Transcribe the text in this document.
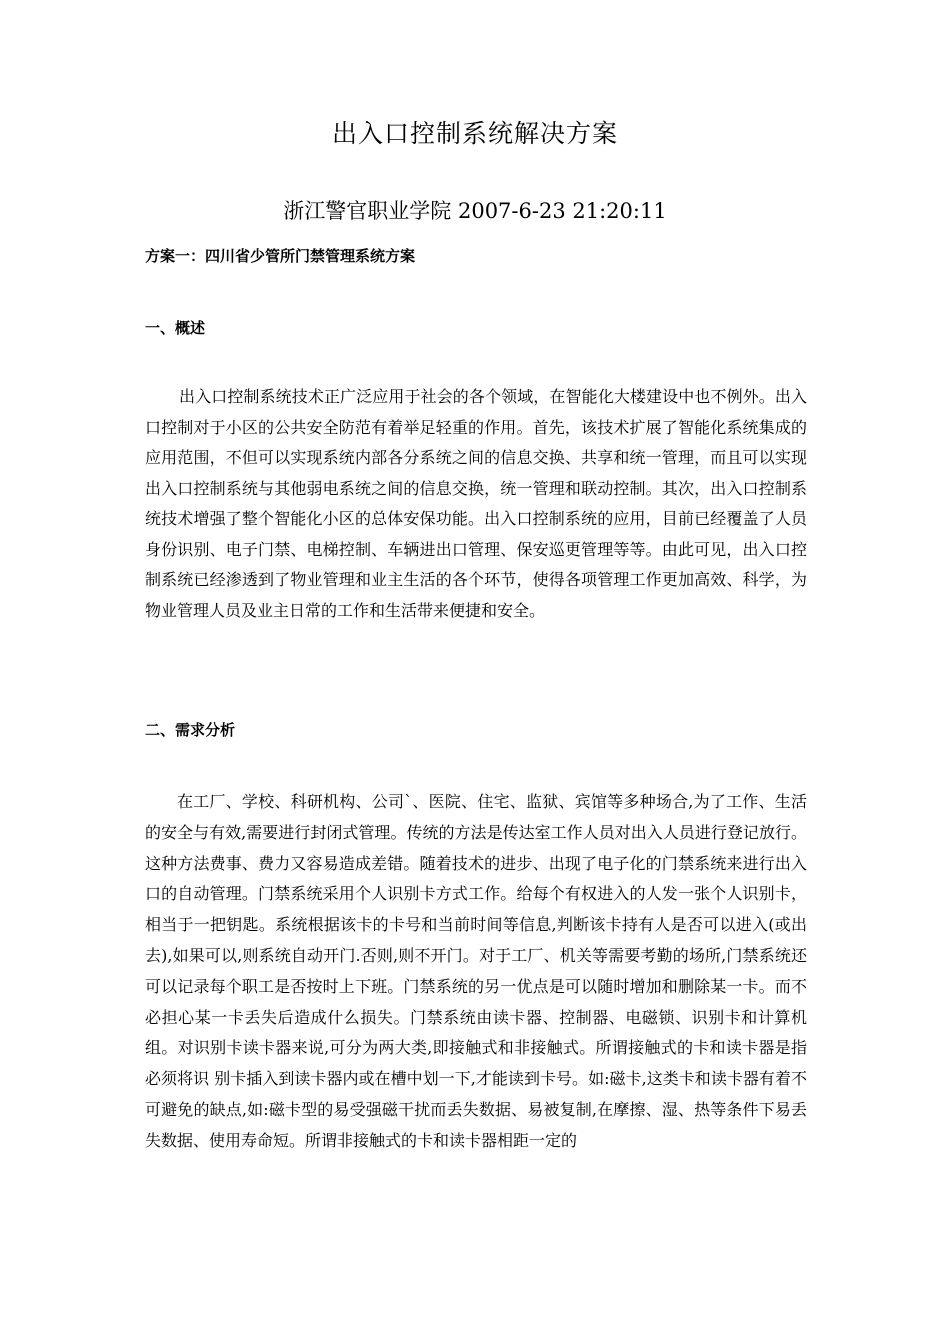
出入口控制系统解决方案
浙江警官职业学院 2007-6-23 21:20:11
方案一：四川省少管所门禁管理系统方案
一、概述

出入口控制系统技术正广泛应用于社会的各个领域，在智能化大楼建设中也不例外。出入口控制对于小区的公共安全防范有着举足轻重的作用。首先，该技术扩展了智能化系统集成的应用范围，不但可以实现系统内部各分系统之间的信息交换、共享和统一管理，而且可以实现出入口控制系统与其他弱电系统之间的信息交换，统一管理和联动控制。其次，出入口控制系统技术增强了整个智能化小区的总体安保功能。出入口控制系统的应用，目前已经覆盖了人员身份识别、电子门禁、电梯控制、车辆进出口管理、保安巡更管理等等。由此可见，出入口控制系统已经渗透到了物业管理和业主生活的各个环节，使得各项管理工作更加高效、科学，为物业管理人员及业主日常的工作和生活带来便捷和安全。

二、需求分析

在工厂、学校、科研机构、公司`、医院、住宅、监狱、宾馆等多种场合,为了工作、生活的安全与有效,需要进行封闭式管理。传统的方法是传达室工作人员对出入人员进行登记放行。这种方法费事、费力又容易造成差错。随着技术的进步、出现了电子化的门禁系统来进行出入口的自动管理。门禁系统采用个人识别卡方式工作。给每个有权进入的人发一张个人识别卡，相当于一把钥匙。系统根据该卡的卡号和当前时间等信息,判断该卡持有人是否可以进入(或出去),如果可以,则系统自动开门.否则,则不开门。对于工厂、机关等需要考勤的场所,门禁系统还可以记录每个职工是否按时上下班。门禁系统的另一优点是可以随时增加和删除某一卡。而不必担心某一卡丢失后造成什么损失。门禁系统由读卡器、控制器、电磁锁、识别卡和计算机组。对识别卡读卡器来说,可分为两大类,即接触式和非接触式。所谓接触式的卡和读卡器是指必须将识 别卡插入到读卡器内或在槽中划一下,才能读到卡号。如:磁卡,这类卡和读卡器有着不可避免的缺点,如:磁卡型的易受强磁干扰而丢失数据、易被复制,在摩擦、湿、热等条件下易丢失数据、使用寿命短。所谓非接触式的卡和读卡器相距一定的
